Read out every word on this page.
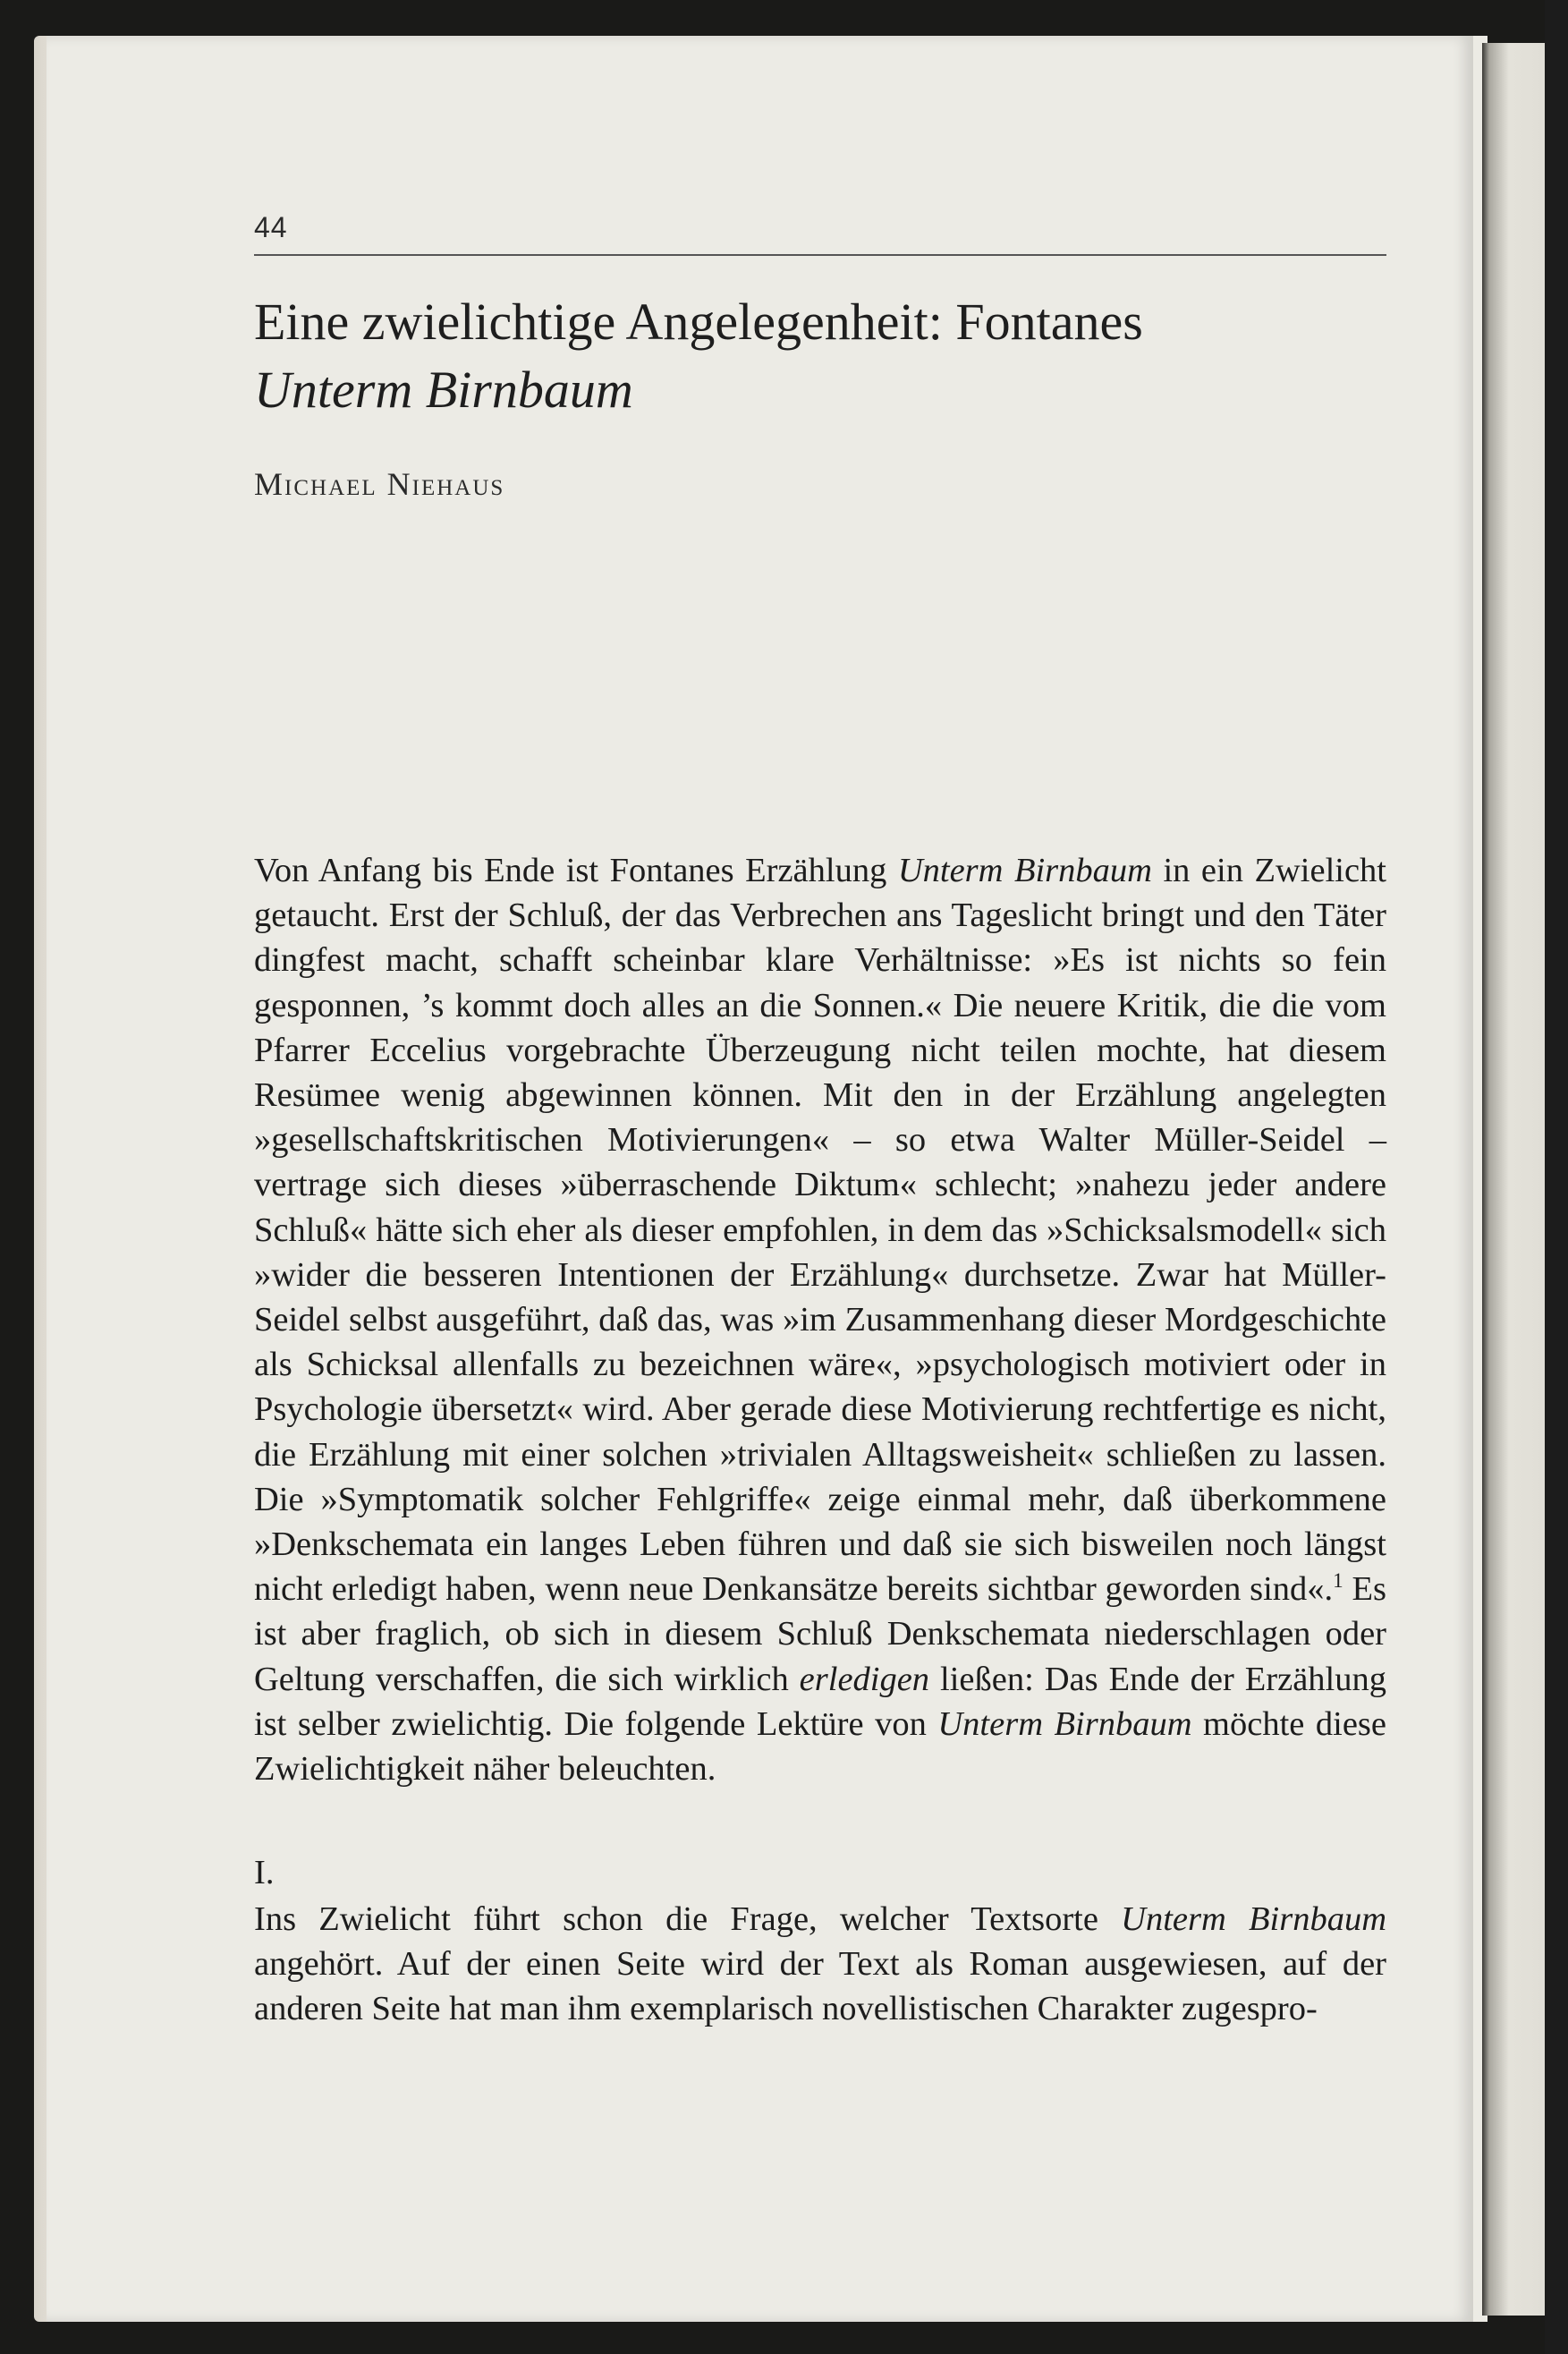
44
Eine zwielichtige Angelegenheit: Fontanes
Unterm Birnbaum
Michael Niehaus

Von Anfang bis Ende ist Fontanes Erzählung Unterm Birnbaum in ein Zwielicht getaucht. Erst der Schluß, der das Verbrechen ans Tageslicht bringt und den Täter dingfest macht, schafft scheinbar klare Verhältnisse: »Es ist nichts so fein gesponnen, ’s kommt doch alles an die Sonnen.« Die neuere Kritik, die die vom Pfarrer Eccelius vorgebrachte Überzeugung nicht teilen mochte, hat diesem Resümee wenig abgewinnen können. Mit den in der Erzählung angelegten »gesellschaftskritischen Motivierungen« – so etwa Walter Müller-Seidel – vertrage sich dieses »überraschende Diktum« schlecht; »nahezu jeder andere Schluß« hätte sich eher als dieser empfohlen, in dem das »Schicksalsmodell« sich »wider die besseren Intentionen der Erzählung« durchsetze. Zwar hat Müller-Seidel selbst ausgeführt, daß das, was »im Zusammenhang dieser Mordgeschichte als Schicksal allenfalls zu bezeichnen wäre«, »psychologisch motiviert oder in Psychologie übersetzt« wird. Aber gerade diese Motivierung rechtfertige es nicht, die Erzählung mit einer solchen »trivialen Alltagsweisheit« schließen zu lassen. Die »Symptomatik solcher Fehlgriffe« zeige einmal mehr, daß überkommene »Denkschemata ein langes Leben führen und daß sie sich bisweilen noch längst nicht erledigt haben, wenn neue Denkansätze bereits sichtbar geworden sind«.$^1$ Es ist aber fraglich, ob sich in diesem Schluß Denkschemata niederschlagen oder Geltung verschaffen, die sich wirklich erledigen ließen: Das Ende der Erzählung ist selber zwielichtig. Die folgende Lektüre von Unterm Birnbaum möchte diese Zwielichtigkeit näher beleuchten.

I.

Ins Zwielicht führt schon die Frage, welcher Textsorte Unterm Birnbaum angehört. Auf der einen Seite wird der Text als Roman ausgewiesen, auf der anderen Seite hat man ihm exemplarisch novellistischen Charakter zugespro-
